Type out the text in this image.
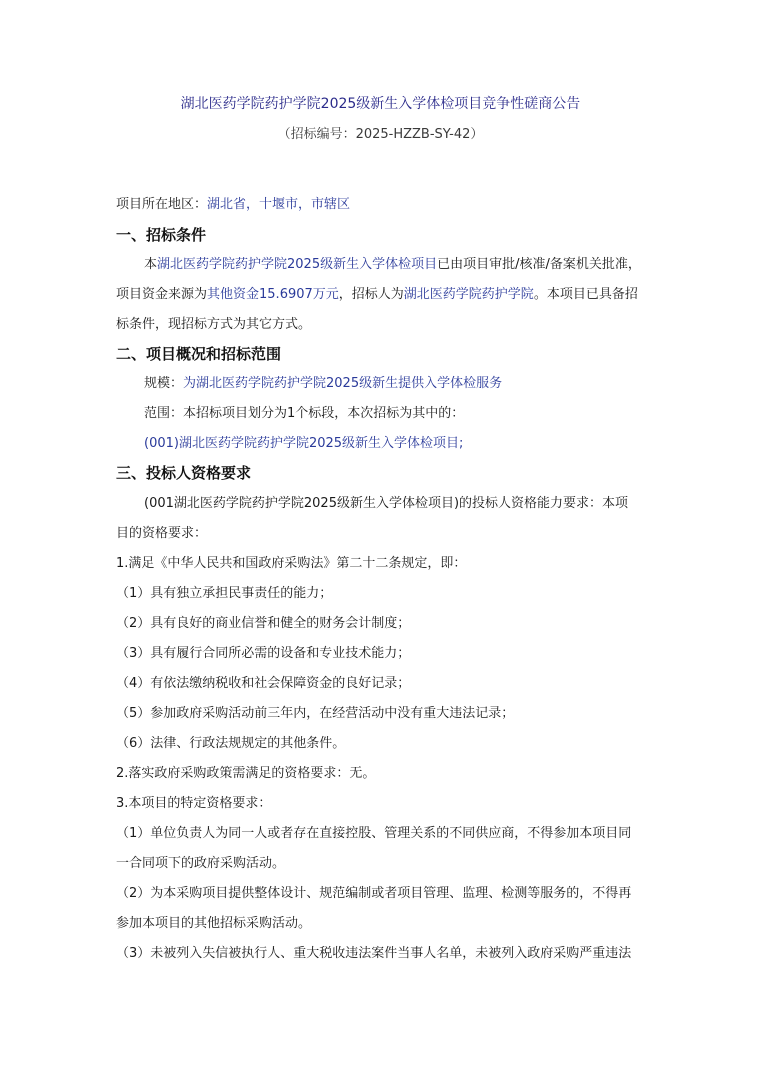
湖北医药学院药护学院2025级新生入学体检项目竞争性磋商公告
（招标编号：2025-HZZB-SY-42）
项目所在地区：湖北省，十堰市，市辖区
一、招标条件
本湖北医药学院药护学院2025级新生入学体检项目已由项目审批/核准/备案机关批准，
项目资金来源为其他资金15.6907万元，招标人为湖北医药学院药护学院。本项目已具备招
标条件，现招标方式为其它方式。
二、项目概况和招标范围
规模：为湖北医药学院药护学院2025级新生提供入学体检服务
范围：本招标项目划分为1个标段，本次招标为其中的：
(001)湖北医药学院药护学院2025级新生入学体检项目;
三、投标人资格要求
(001湖北医药学院药护学院2025级新生入学体检项目)的投标人资格能力要求：本项
目的资格要求：
1.满足《中华人民共和国政府采购法》第二十二条规定，即：
（1）具有独立承担民事责任的能力；
（2）具有良好的商业信誉和健全的财务会计制度；
（3）具有履行合同所必需的设备和专业技术能力；
（4）有依法缴纳税收和社会保障资金的良好记录；
（5）参加政府采购活动前三年内，在经营活动中没有重大违法记录；
（6）法律、行政法规规定的其他条件。
2.落实政府采购政策需满足的资格要求：无。
3.本项目的特定资格要求：
（1）单位负责人为同一人或者存在直接控股、管理关系的不同供应商，不得参加本项目同
一合同项下的政府采购活动。
（2）为本采购项目提供整体设计、规范编制或者项目管理、监理、检测等服务的，不得再
参加本项目的其他招标采购活动。
（3）未被列入失信被执行人、重大税收违法案件当事人名单，未被列入政府采购严重违法
